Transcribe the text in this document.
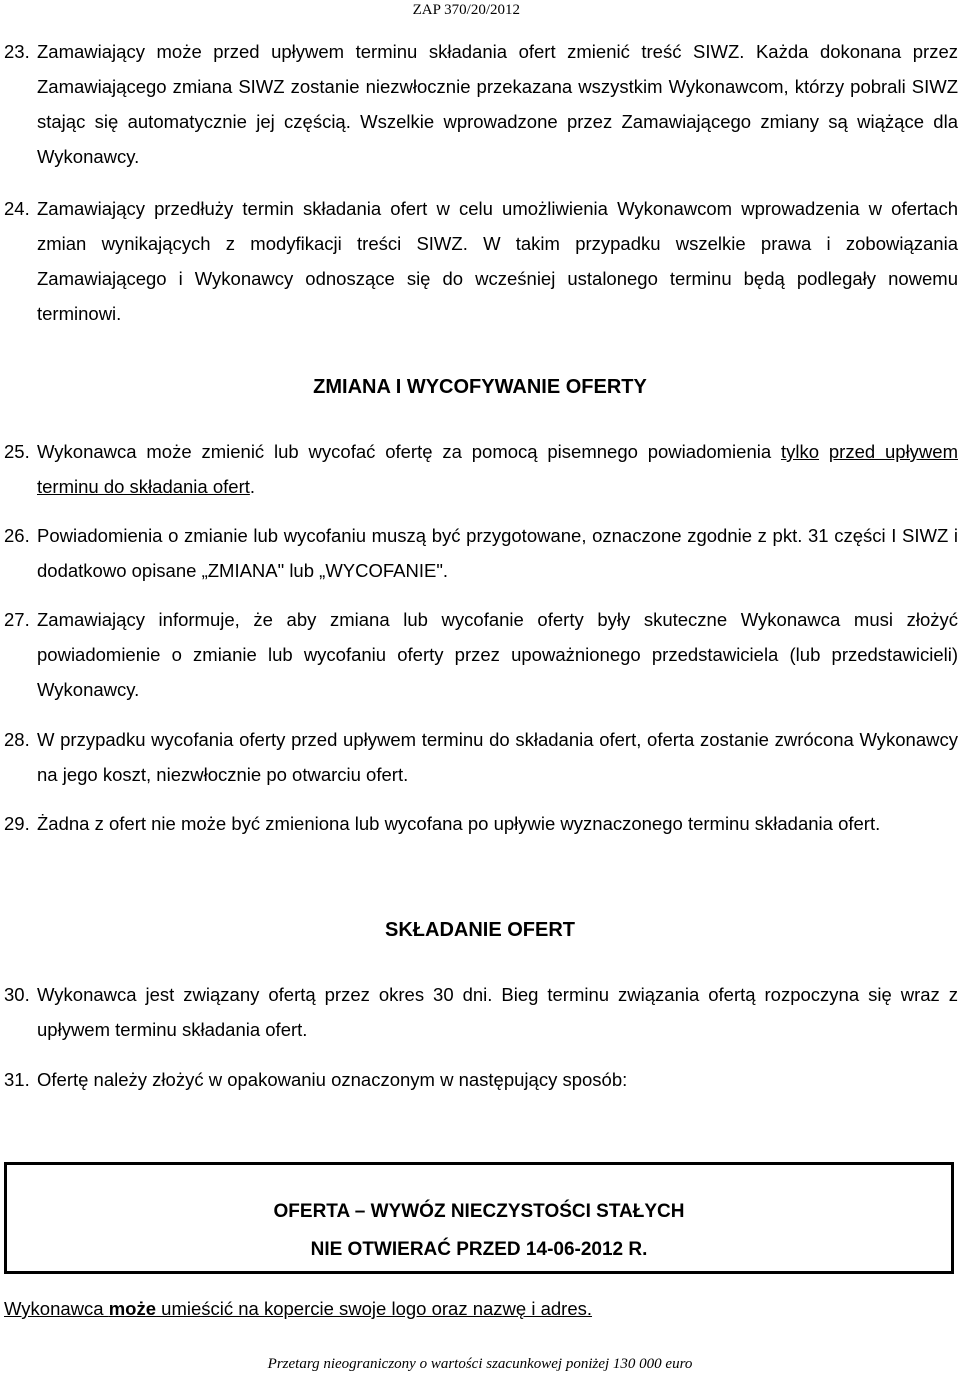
ZAP 370/20/2012
23. Zamawiający może przed upływem terminu składania ofert zmienić treść SIWZ. Każda dokonana przez Zamawiającego zmiana SIWZ zostanie niezwłocznie przekazana wszystkim Wykonawcom, którzy pobrali SIWZ stając się automatycznie jej częścią. Wszelkie wprowadzone przez Zamawiającego zmiany są wiążące dla Wykonawcy.
24. Zamawiający przedłuży termin składania ofert w celu umożliwienia Wykonawcom wprowadzenia w ofertach zmian wynikających z modyfikacji treści SIWZ. W takim przypadku wszelkie prawa i zobowiązania Zamawiającego i Wykonawcy odnoszące się do wcześniej ustalonego terminu będą podlegały nowemu terminowi.
ZMIANA I WYCOFYWANIE OFERTY
25. Wykonawca może zmienić lub wycofać ofertę za pomocą pisemnego powiadomienia tylko przed upływem terminu do składania ofert.
26. Powiadomienia o zmianie lub wycofaniu muszą być przygotowane, oznaczone zgodnie z pkt. 31 części I SIWZ i dodatkowo opisane „ZMIANA" lub „WYCOFANIE".
27. Zamawiający informuje, że aby zmiana lub wycofanie oferty były skuteczne Wykonawca musi złożyć powiadomienie o zmianie lub wycofaniu oferty przez upoważnionego przedstawiciela (lub przedstawicieli) Wykonawcy.
28. W przypadku wycofania oferty przed upływem terminu do składania ofert, oferta zostanie zwrócona Wykonawcy na jego koszt, niezwłocznie po otwarciu ofert.
29. Żadna z ofert nie może być zmieniona lub wycofana po upływie wyznaczonego terminu składania ofert.
SKŁADANIE OFERT
30. Wykonawca jest związany ofertą przez okres 30 dni. Bieg terminu związania ofertą rozpoczyna się wraz z upływem terminu składania ofert.
31. Ofertę należy złożyć w opakowaniu oznaczonym w następujący sposób:
OFERTA – WYWÓZ NIECZYSTOŚCI STAŁYCH
NIE OTWIERAĆ PRZED 14-06-2012 R.
Wykonawca może umieścić na kopercie swoje logo oraz nazwę i adres.
Przetarg nieograniczony o wartości szacunkowej poniżej 130 000 euro
